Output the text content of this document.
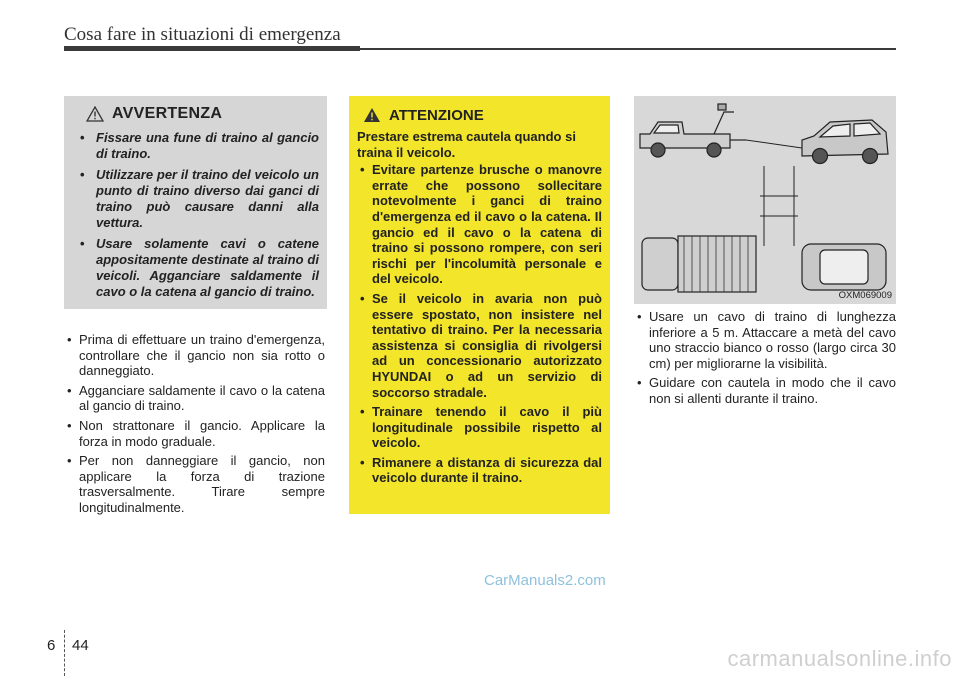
Cosa fare in situazioni di emergenza
AVVERTENZA
• Fissare una fune di traino al gancio di traino.
• Utilizzare per il traino del veicolo un punto di traino diverso dai ganci di traino può causare danni alla vettura.
• Usare solamente cavi o catene appositamente destinate al traino di veicoli. Agganciare saldamente il cavo o la catena al gancio di traino.
• Prima di effettuare un traino d'emergenza, controllare che il gancio non sia rotto o danneggiato.
• Agganciare saldamente il cavo o la catena al gancio di traino.
• Non strattonare il gancio. Applicare la forza in modo graduale.
• Per non danneggiare il gancio, non applicare la forza di trazione trasversalmente. Tirare sempre longitudinalmente.
ATTENZIONE
Prestare estrema cautela quando si traina il veicolo.
• Evitare partenze brusche o manovre errate che possono sollecitare notevolmente i ganci di traino d'emergenza ed il cavo o la catena. Il gancio ed il cavo o la catena di traino si possono rompere, con seri rischi per l'incolumità personale e del veicolo.
• Se il veicolo in avaria non può essere spostato, non insistere nel tentativo di traino. Per la necessaria assistenza si consiglia di rivolgersi ad un concessionario autorizzato HYUNDAI o ad un servizio di soccorso stradale.
• Trainare tenendo il cavo il più longitudinale possibile rispetto al veicolo.
• Rimanere a distanza di sicurezza dal veicolo durante il traino.
OXM069009
• Usare un cavo di traino di lunghezza inferiore a 5 m. Attaccare a metà del cavo uno straccio bianco o rosso (largo circa 30 cm) per migliorarne la visibilità.
• Guidare con cautela in modo che il cavo non si allenti durante il traino.
CarManuals2.com
6 44
carmanualsonline.info
